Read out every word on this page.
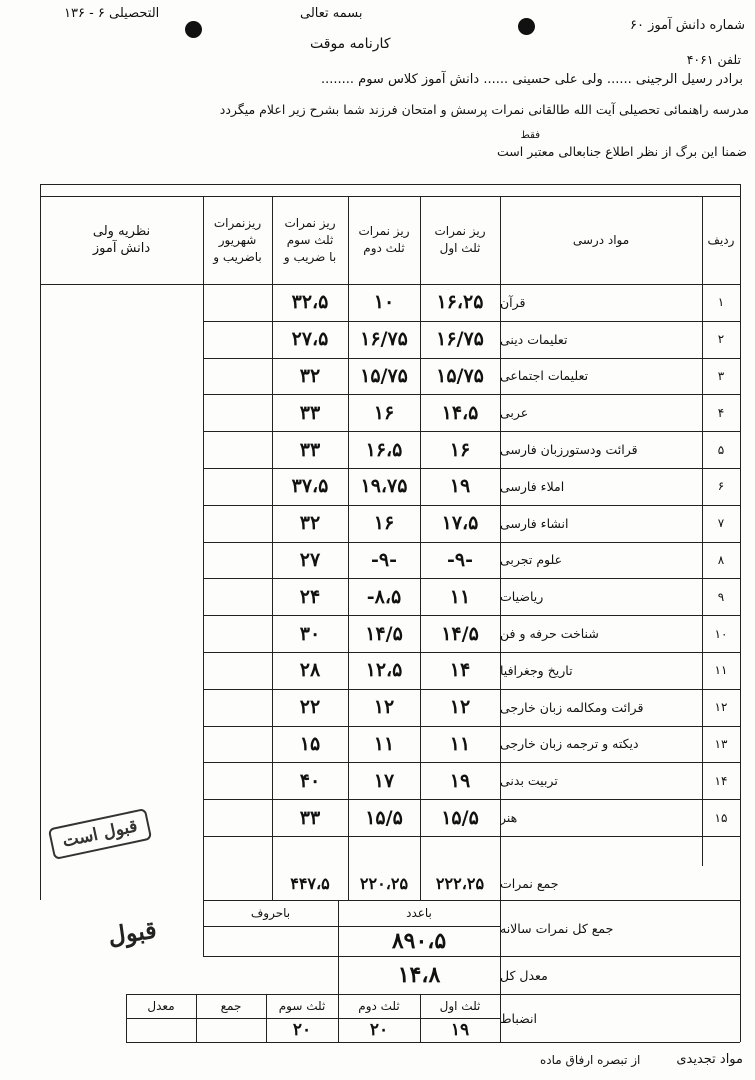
شماره دانش آموز ۶۰
بسمه تعالی
التحصیلی ۶ - ۱۳۶
کارنامه موقت
تلفن ۴۰۶۱
برادر رسیل الرجینی ...... ولی علی حسینی ...... دانش آموز کلاس سوم ........
مدرسه راهنمائی تحصیلی آیت الله طالقانی نمرات پرسش و امتحان فرزند شما بشرح زیر اعلام میگردد
فقط
ضمنا این برگ از نظر اطلاع جنابعالی معتبر است
ردیف
مواد درسی
ریز نمرات
ثلث اول
ریز نمرات
ثلث دوم
ریز نمرات
ثلث سوم
با ضریب و
ریزنمرات
شهریور
باضریب و
نظریه ولی
دانش آموز
۱
قرآن
۱۶،۲۵
۱۰
۳۲،۵
۲
تعلیمات دینی
۱۶/۷۵
۱۶/۷۵
۲۷،۵
۳
تعلیمات اجتماعی
۱۵/۷۵
۱۵/۷۵
۳۲
۴
عربی
۱۴،۵
۱۶
۳۳
۵
قرائت ودستورزبان فارسی
۱۶
۱۶،۵
۳۳
۶
املاء فارسی
۱۹
۱۹،۷۵
۳۷،۵
۷
انشاء فارسی
۱۷،۵
۱۶
۳۲
۸
علوم تجربی
-۹-
-۹-
۲۷
۹
ریاضیات
۱۱
-۸،۵
۲۴
۱۰
شناخت حرفه و فن
۱۴/۵
۱۴/۵
۳۰
۱۱
تاریخ وجغرافیا
۱۴
۱۲،۵
۲۸
۱۲
قرائت ومکالمه زبان خارجی
۱۲
۱۲
۲۲
۱۳
دیکته و ترجمه زبان خارجی
۱۱
۱۱
۱۵
۱۴
تربیت بدنی
۱۹
۱۷
۴۰
۱۵
هنر
۱۵/۵
۱۵/۵
۳۳
جمع نمرات
۲۲۲،۲۵
۲۲۰،۲۵
۴۴۷،۵
باعدد
باحروف
جمع کل نمرات سالانه
۸۹۰،۵
معدل کل
۱۴،۸
انضباط
ثلث اول
ثلث دوم
ثلث سوم
جمع
معدل
۱۹
۲۰
۲۰
قبول است
قبول
مواد تجدیدی
از تبصره ارفاق ماده
